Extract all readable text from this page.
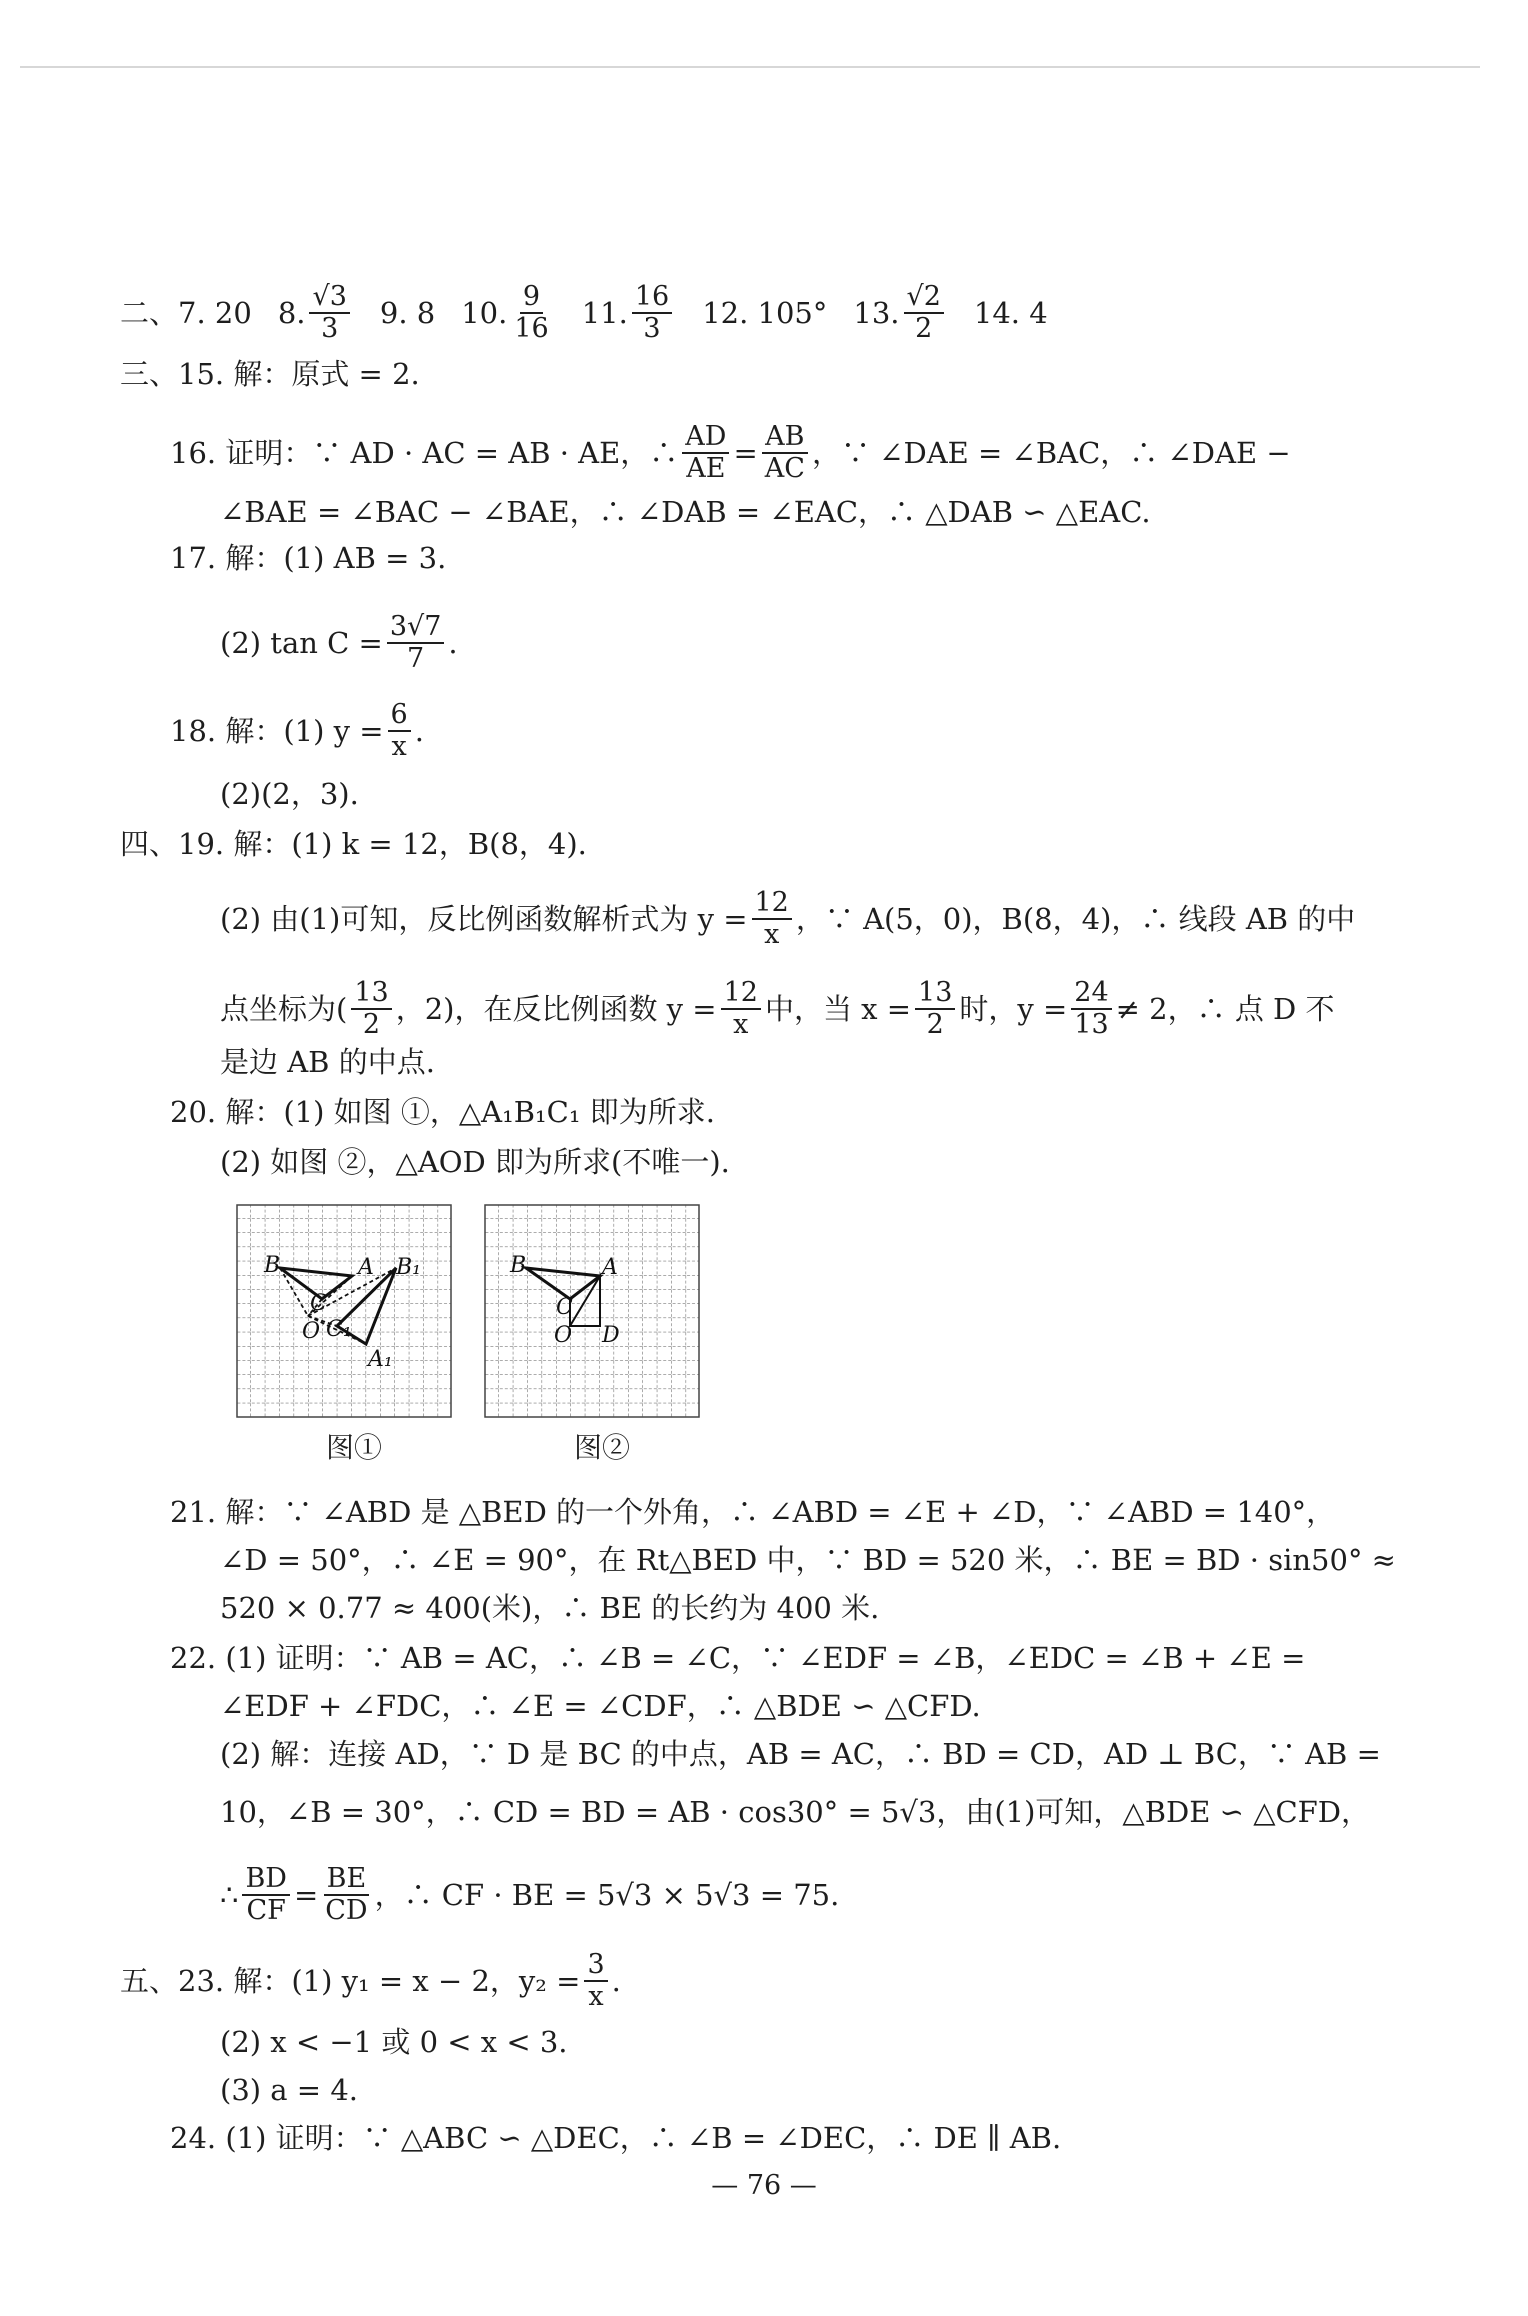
二、 7. 20 8. $\frac{√3}{3} 9$. 8 10. $\frac{9}{16} 11$. $\frac{16}{3} 12$. 105° 13. $\frac{√2}{2} 14$. 4
三、15. 解：原式 = 2.
16. 证明：∵ AD · AC = AB · AE，∴ $\frac{AD}{AE} = \frac{AB}{AC}$ ，∵ ∠DAE = ∠BAC，∴ ∠DAE −
∠BAE = ∠BAC − ∠BAE，∴ ∠DAB = ∠EAC，∴ △DAB ∽ △EAC.
17. 解：(1) AB = 3.
(2) $\tan C = \frac{3√7}{7}$ .
18. 解：(1) $y = \frac{6}{x}$ .
(2)(2，3).
四、19. 解：(1) k = 12，B(8，4).
(2) 由(1)可知，反比例函数解析式为 $y = \frac{12}{x}$ ，∵ A(5，0)，B(8，4)，∴ 线段 AB 的中
点坐标为( $\frac{13}{2}$ ，2)，在反比例函数 $y = \frac{12}{x}$ 中，当 $x = \frac{13}{2}$ 时，$y = \frac{24}{13} \ne 2$，∴ 点 D 不
是边 AB 的中点.
20. 解：(1) 如图 ①，△A₁B₁C₁ 即为所求.
(2) 如图 ②，△AOD 即为所求(不唯一).
B	A B₁
C
O C₁
A₁
图①
B	A
C
O D
图②
21. 解：∵ ∠ABD 是 △BED 的一个外角，∴ ∠ABD = ∠E + ∠D，∵ ∠ABD = 140°，
∠D = 50°，∴ ∠E = 90°，在 Rt△BED 中，∵ BD = 520 米，∴ BE = BD · sin50° ≈
520 × 0.77 ≈ 400(米)，∴ BE 的长约为 400 米.
22. (1) 证明：∵ AB = AC，∴ ∠B = ∠C，∵ ∠EDF = ∠B，∠EDC = ∠B + ∠E =
∠EDF + ∠FDC，∴ ∠E = ∠CDF，∴ △BDE ∽ △CFD.
(2) 解：连接 AD，∵ D 是 BC 的中点，AB = AC，∴ BD = CD，AD ⊥ BC，∵ AB =
10，∠B = 30°，∴ CD = BD = AB · cos30° = 5√3，由(1)可知，△BDE ∽ △CFD，
∴ $\frac{BD}{CF} = \frac{BE}{CD}$ ，∴ CF · BE = 5√3 × 5√3 = 75.
五、23. 解：(1) y₁ = x − 2，$y_2 = \frac{3}{x}$ .
(2) x < −1 或 0 < x < 3.
(3) a = 4.
24. (1) 证明：∵ △ABC ∽ △DEC，∴ ∠B = ∠DEC，∴ DE ∥ AB.
— 76 —
